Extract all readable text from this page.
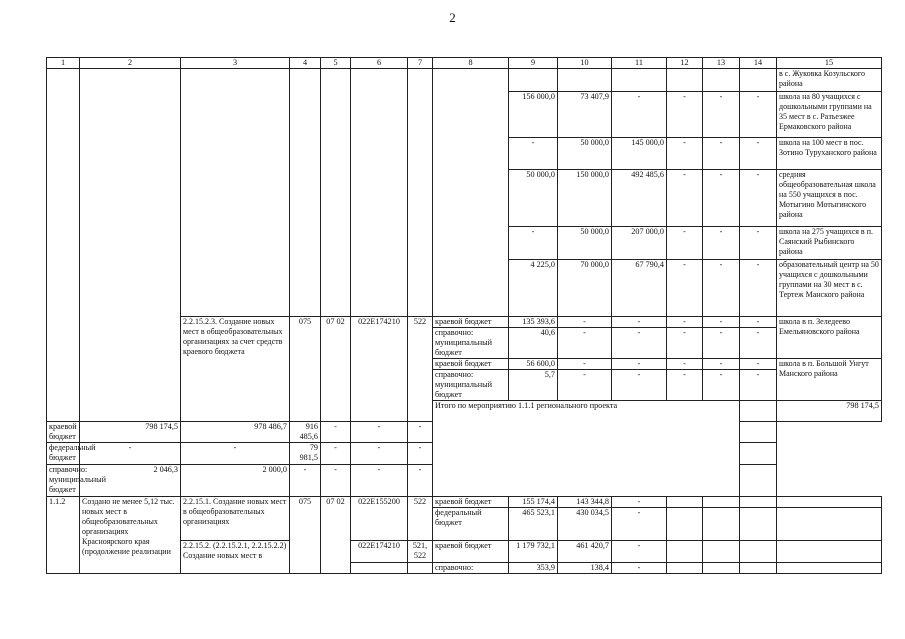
2
1	2	3	4	5	6	7	8	9	10	11	12	13	14	15	
														в с. Жуковка Козульского района	
								156 000,0	73 407,9	-	-	-	-	школа на 80 учащихся с дошкольными группами на 35 мест в с. Разъезжее Ермаковского района	
								-	50 000,0	145 000,0	-	-	-	школа на 100 мест в пос. Зотино Туруханского района	
								50 000,0	150 000,0	492 485,6	-	-	-	средняя общеобразовательная школа на 550 учащихся в пос. Мотыгино Мотыгинского района	
								-	50 000,0	207 000,0	-	-	-	школа на 275 учащихся в п. Саянский Рыбинского района	
								4 225,0	70 000,0	67 790,4	-	-	-	образовательный центр на 50 учащихся с дошкольными группами на 30 мест в с. Тертеж Манского района	
		2.2.15.2.3. Создание новых мест в общеобразовательных организациях за счет средств краевого бюджета	075	07 02	022Е174210	522	краевой бюджет	135 393,6	-	-	-	-	-	школа в п. Зеледеево Емельяновского района	
							справочно: муниципальный бюджет	40,6	-	-	-	-	-		
							краевой бюджет	56 600,0	-	-	-	-	-	школа в п. Большой Унгут Манского района	
							справочно: муниципальный бюджет	5,7	-	-	-	-	-		
							Итого по мероприятию 1.1.1 регионального проекта							798 174,5						
краевой бюджет	798 174,5	978 486,7	916 485,6	-	-	-									
федеральный бюджет	-	-	79 981,5	-	-	-									
справочно: муниципальный бюджет	2 046,3	2 000,0	-	-	-	-									
1.1.2	Создано не менее 5,12 тыс. новых мест в общеобразовательных организациях Красноярского края (продолжение реализации	2.2.15.1. Создание новых мест в общеобразовательных организациях	075	07 02	022Е155200	522	краевой бюджет	155 174,4	143 344,8	-					
							федеральный бюджет	465 523,1	430 034,5	-					
		2.2.15.2. (2.2.15.2.1, 2.2.15.2.2) Создание новых мест в			022Е174210	521, 522	краевой бюджет	1 179 732,1	461 420,7	-					
							справочно:	353,9	138,4	-					
